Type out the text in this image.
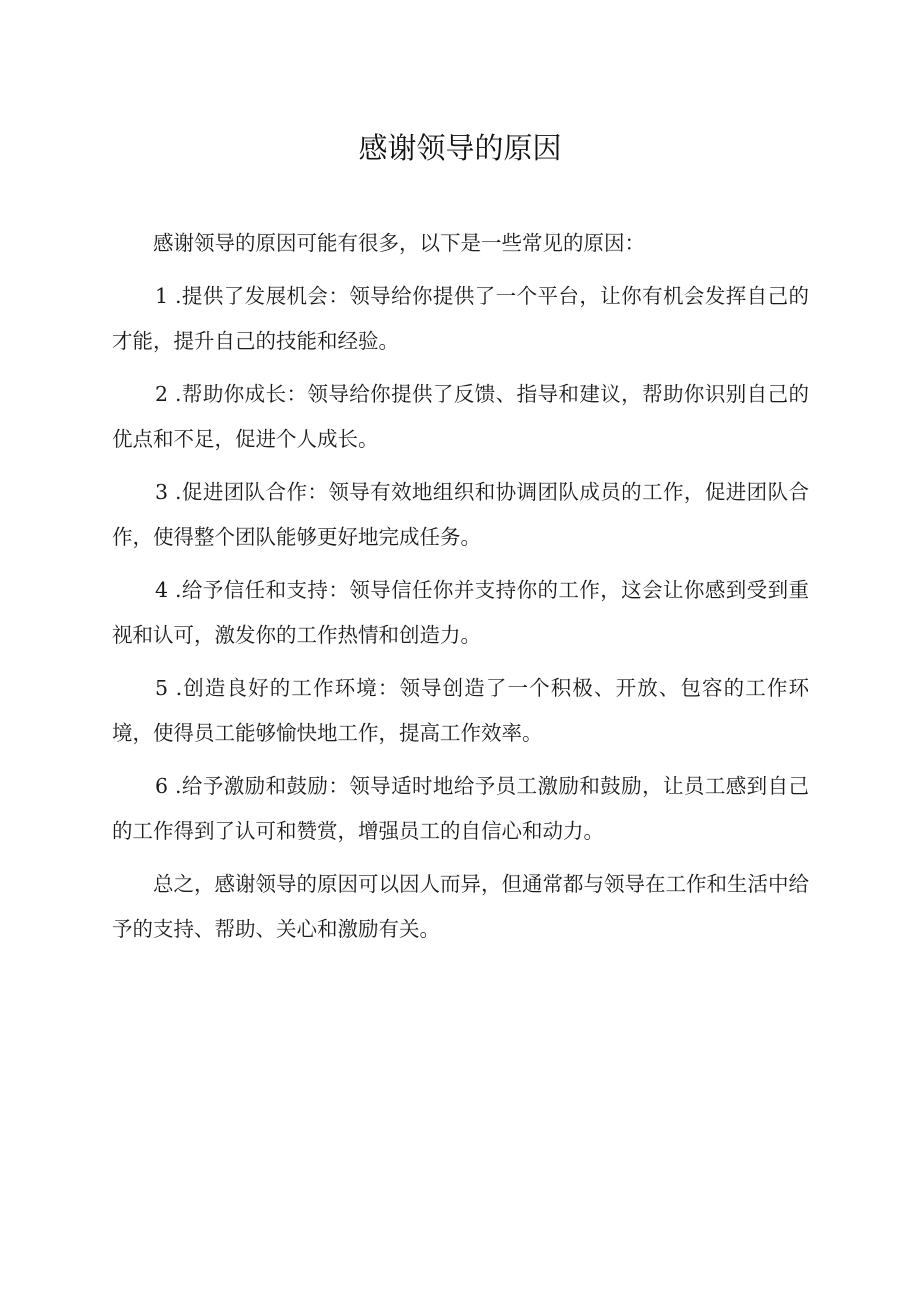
感谢领导的原因

感谢领导的原因可能有很多，以下是一些常见的原因：

1 .提供了发展机会：领导给你提供了一个平台，让你有机会发挥自己的才能，提升自己的技能和经验。

2 .帮助你成长：领导给你提供了反馈、指导和建议，帮助你识别自己的优点和不足，促进个人成长。

3 .促进团队合作：领导有效地组织和协调团队成员的工作，促进团队合作，使得整个团队能够更好地完成任务。

4 .给予信任和支持：领导信任你并支持你的工作，这会让你感到受到重视和认可，激发你的工作热情和创造力。

5 .创造良好的工作环境：领导创造了一个积极、开放、包容的工作环境，使得员工能够愉快地工作，提高工作效率。

6 .给予激励和鼓励：领导适时地给予员工激励和鼓励，让员工感到自己的工作得到了认可和赞赏，增强员工的自信心和动力。

总之，感谢领导的原因可以因人而异，但通常都与领导在工作和生活中给予的支持、帮助、关心和激励有关。
